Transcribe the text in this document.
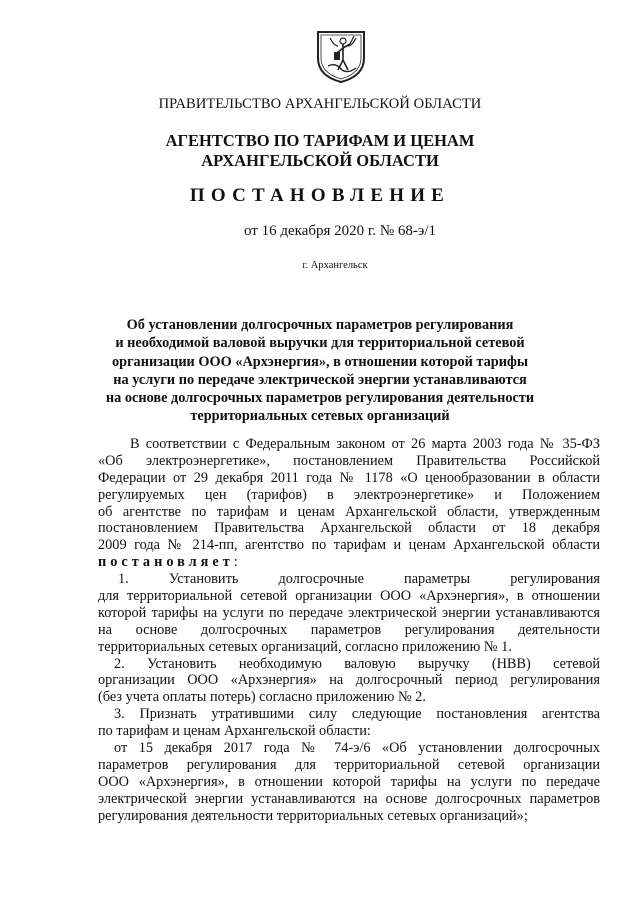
ПРАВИТЕЛЬСТВО АРХАНГЕЛЬСКОЙ ОБЛАСТИ
АГЕНТСТВО ПО ТАРИФАМ И ЦЕНАМ
АРХАНГЕЛЬСКОЙ ОБЛАСТИ
ПОСТАНОВЛЕНИЕ
от 16 декабря 2020 г. № 68-э/1
г. Архангельск
Об установлении долгосрочных параметров регулирования
и необходимой валовой выручки для территориальной сетевой
организации ООО «Архэнергия», в отношении которой тарифы
на услуги по передаче электрической энергии устанавливаются
на основе долгосрочных параметров регулирования деятельности
территориальных сетевых организаций
В соответствии с Федеральным законом от 26 марта 2003 года № 35-ФЗ
«Об электроэнергетике», постановлением Правительства Российской
Федерации от 29 декабря 2011 года № 1178 «О ценообразовании в области
регулируемых цен (тарифов) в электроэнергетике» и Положением
об агентстве по тарифам и ценам Архангельской области, утвержденным
постановлением Правительства Архангельской области от 18 декабря
2009 года № 214-пп, агентство по тарифам и ценам Архангельской области
постановляет:
1. Установить долгосрочные параметры регулирования
для территориальной сетевой организации ООО «Архэнергия», в отношении
которой тарифы на услуги по передаче электрической энергии устанавливаются
на основе долгосрочных параметров регулирования деятельности
территориальных сетевых организаций, согласно приложению № 1.
2. Установить необходимую валовую выручку (НВВ) сетевой
организации ООО «Архэнергия» на долгосрочный период регулирования
(без учета оплаты потерь) согласно приложению № 2.
3. Признать утратившими силу следующие постановления агентства
по тарифам и ценам Архангельской области:
от 15 декабря 2017 года № 74-э/6 «Об установлении долгосрочных
параметров регулирования для территориальной сетевой организации
ООО «Архэнергия», в отношении которой тарифы на услуги по передаче
электрической энергии устанавливаются на основе долгосрочных параметров
регулирования деятельности территориальных сетевых организаций»;
